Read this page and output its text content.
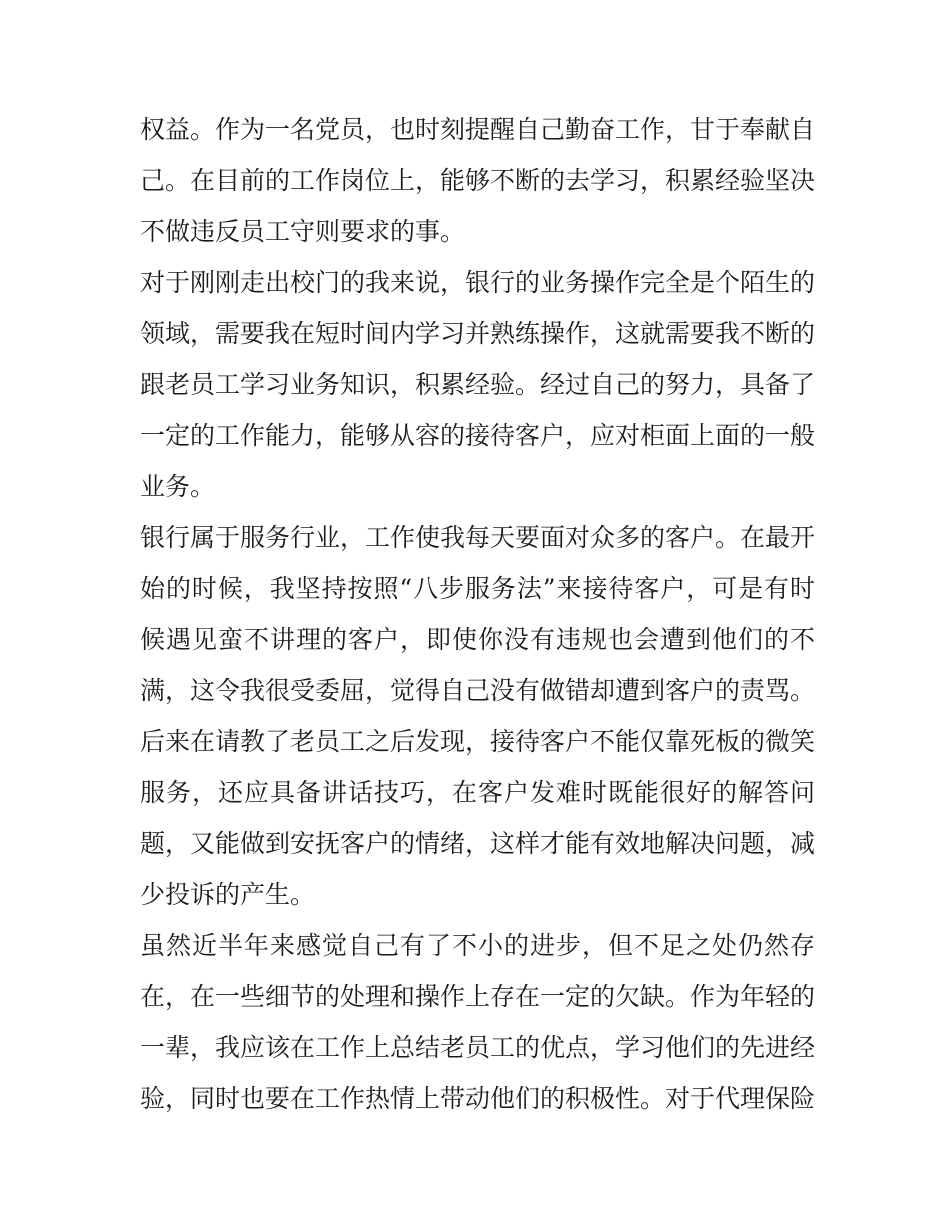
权益。作为一名党员，也时刻提醒自己勤奋工作，甘于奉献自己。在目前的工作岗位上，能够不断的去学习，积累经验坚决不做违反员工守则要求的事。

对于刚刚走出校门的我来说，银行的业务操作完全是个陌生的领域，需要我在短时间内学习并熟练操作，这就需要我不断的跟老员工学习业务知识，积累经验。经过自己的努力，具备了一定的工作能力，能够从容的接待客户，应对柜面上面的一般业务。

银行属于服务行业，工作使我每天要面对众多的客户。在最开始的时候，我坚持按照“八步服务法”来接待客户，可是有时候遇见蛮不讲理的客户，即使你没有违规也会遭到他们的不满，这令我很受委屈，觉得自己没有做错却遭到客户的责骂。后来在请教了老员工之后发现，接待客户不能仅靠死板的微笑服务，还应具备讲话技巧，在客户发难时既能很好的解答问题，又能做到安抚客户的情绪，这样才能有效地解决问题，减少投诉的产生。

虽然近半年来感觉自己有了不小的进步，但不足之处仍然存在，在一些细节的处理和操作上存在一定的欠缺。作为年轻的一辈，我应该在工作上总结老员工的优点，学习他们的先进经验，同时也要在工作热情上带动他们的积极性。对于代理保险
